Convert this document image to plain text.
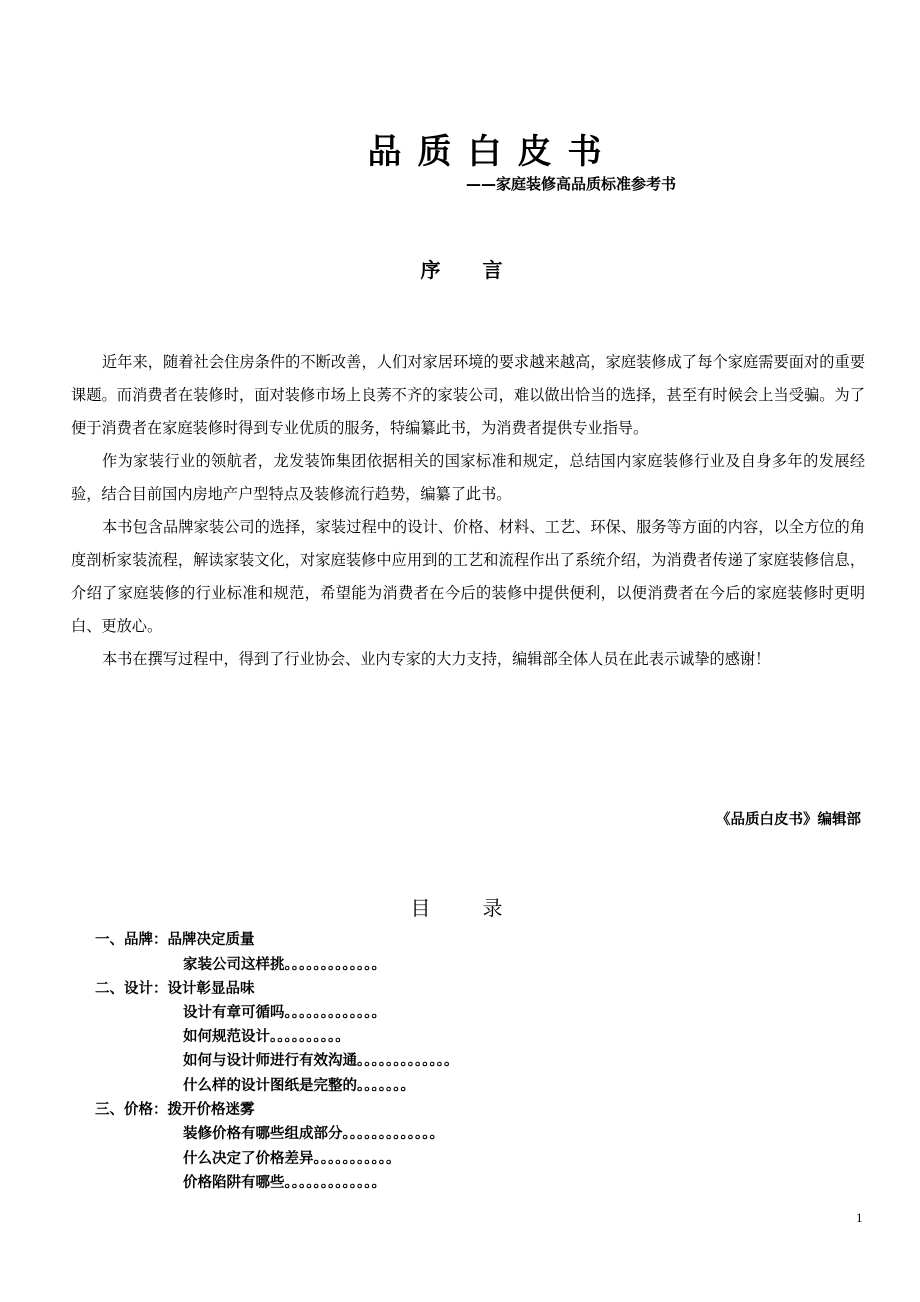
品质白皮书
——家庭装修高品质标准参考书
序言

近年来，随着社会住房条件的不断改善，人们对家居环境的要求越来越高，家庭装修成了每个家庭需要面对的重要课题。而消费者在装修时，面对装修市场上良莠不齐的家装公司，难以做出恰当的选择，甚至有时候会上当受骗。为了便于消费者在家庭装修时得到专业优质的服务，特编纂此书，为消费者提供专业指导。

作为家装行业的领航者，龙发装饰集团依据相关的国家标准和规定，总结国内家庭装修行业及自身多年的发展经验，结合目前国内房地产户型特点及装修流行趋势，编纂了此书。

本书包含品牌家装公司的选择，家装过程中的设计、价格、材料、工艺、环保、服务等方面的内容，以全方位的角度剖析家装流程，解读家装文化，对家庭装修中应用到的工艺和流程作出了系统介绍，为消费者传递了家庭装修信息，介绍了家庭装修的行业标准和规范，希望能为消费者在今后的装修中提供便利，以便消费者在今后的家庭装修时更明白、更放心。

本书在撰写过程中，得到了行业协会、业内专家的大力支持，编辑部全体人员在此表示诚挚的感谢！

《品质白皮书》编辑部
目录
一、品牌：品牌决定质量
家装公司这样挑。。。。。。。。。。。。。
二、设计：设计彰显品味
设计有章可循吗。。。。。。。。。。。。。
如何规范设计。。。。。。。。。。
如何与设计师进行有效沟通。。。。。。。。。。。。。
什么样的设计图纸是完整的。。。。。。。
三、价格：拨开价格迷雾
装修价格有哪些组成部分。。。。。。。。。。。。。
什么决定了价格差异。。。。。。。。。。。
价格陷阱有哪些。。。。。。。。。。。。。
1
